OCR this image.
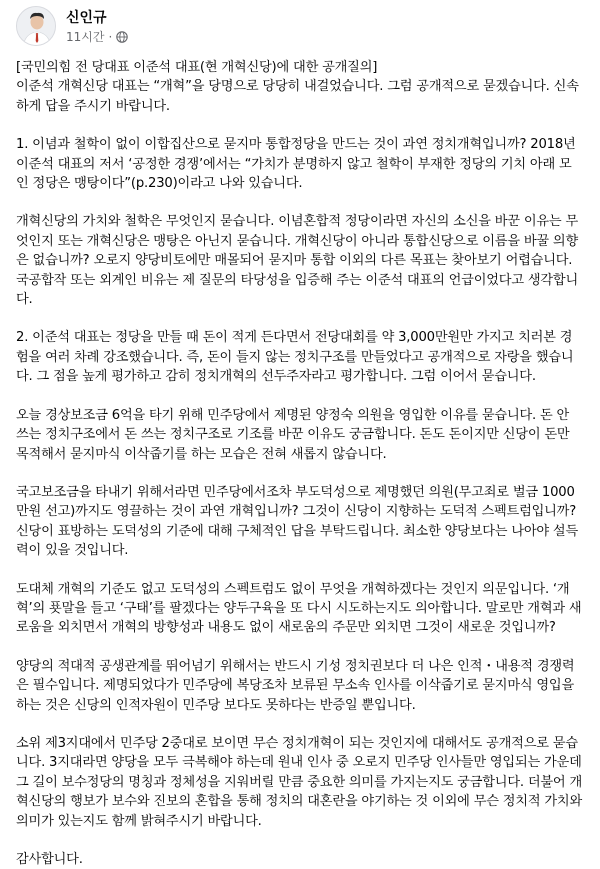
신인규
11시간 ·

[국민의힘 전 당대표 이준석 대표(현 개혁신당)에 대한 공개질의]

이준석 개혁신당 대표는 “개혁”을 당명으로 당당히 내걸었습니다. 그럼 공개적으로 묻겠습니다. 신속하게 답을 주시기 바랍니다.

1. 이념과 철학이 없이 이합집산으로 묻지마 통합정당을 만드는 것이 과연 정치개혁입니까? 2018년 이준석 대표의 저서 ‘공정한 경쟁’에서는 “가치가 분명하지 않고 철학이 부재한 정당의 기치 아래 모인 정당은 맹탕이다”(p.230)이라고 나와 있습니다.

개혁신당의 가치와 철학은 무엇인지 묻습니다. 이념혼합적 정당이라면 자신의 소신을 바꾼 이유는 무엇인지 또는 개혁신당은 맹탕은 아닌지 묻습니다. 개혁신당이 아니라 통합신당으로 이름을 바꿀 의향은 없습니까? 오로지 양당비토에만 매몰되어 묻지마 통합 이외의 다른 목표는 찾아보기 어렵습니다. 국공합작 또는 외계인 비유는 제 질문의 타당성을 입증해 주는 이준석 대표의 언급이었다고 생각합니다.

2. 이준석 대표는 정당을 만들 때 돈이 적게 든다면서 전당대회를 약 3,000만원만 가지고 치러본 경험을 여러 차례 강조했습니다. 즉, 돈이 들지 않는 정치구조를 만들었다고 공개적으로 자랑을 했습니다. 그 점을 높게 평가하고 감히 정치개혁의 선두주자라고 평가합니다. 그럼 이어서 묻습니다.

오늘 경상보조금 6억을 타기 위해 민주당에서 제명된 양정숙 의원을 영입한 이유를 묻습니다. 돈 안 쓰는 정치구조에서 돈 쓰는 정치구조로 기조를 바꾼 이유도 궁금합니다. 돈도 돈이지만 신당이 돈만 목적해서 묻지마식 이삭줍기를 하는 모습은 전혀 새롭지 않습니다.

국고보조금을 타내기 위해서라면 민주당에서조차 부도덕성으로 제명했던 의원(무고죄로 벌금 1000만원 선고)까지도 영끌하는 것이 과연 개혁입니까? 그것이 신당이 지향하는 도덕적 스펙트럼입니까? 신당이 표방하는 도덕성의 기준에 대해 구체적인 답을 부탁드립니다. 최소한 양당보다는 나아야 설득력이 있을 것입니다.

도대체 개혁의 기준도 없고 도덕성의 스펙트럼도 없이 무엇을 개혁하겠다는 것인지 의문입니다. ‘개혁’의 푯말을 들고 ‘구태’를 팔겠다는 양두구육을 또 다시 시도하는지도 의아합니다. 말로만 개혁과 새로움을 외치면서 개혁의 방향성과 내용도 없이 새로움의 주문만 외치면 그것이 새로운 것입니까?

양당의 적대적 공생관계를 뛰어넘기 위해서는 반드시 기성 정치권보다 더 나은 인적・내용적 경쟁력은 필수입니다. 제명되었다가 민주당에 복당조차 보류된 무소속 인사를 이삭줍기로 묻지마식 영입을 하는 것은 신당의 인적자원이 민주당 보다도 못하다는 반증일 뿐입니다.

소위 제3지대에서 민주당 2중대로 보이면 무슨 정치개혁이 되는 것인지에 대해서도 공개적으로 묻습니다. 3지대라면 양당을 모두 극복해야 하는데 원내 인사 중 오로지 민주당 인사들만 영입되는 가운데 그 길이 보수정당의 명칭과 정체성을 지워버릴 만큼 중요한 의미를 가지는지도 궁금합니다. 더불어 개혁신당의 행보가 보수와 진보의 혼합을 통해 정치의 대혼란을 야기하는 것 이외에 무슨 정치적 가치와 의미가 있는지도 함께 밝혀주시기 바랍니다.

감사합니다.
